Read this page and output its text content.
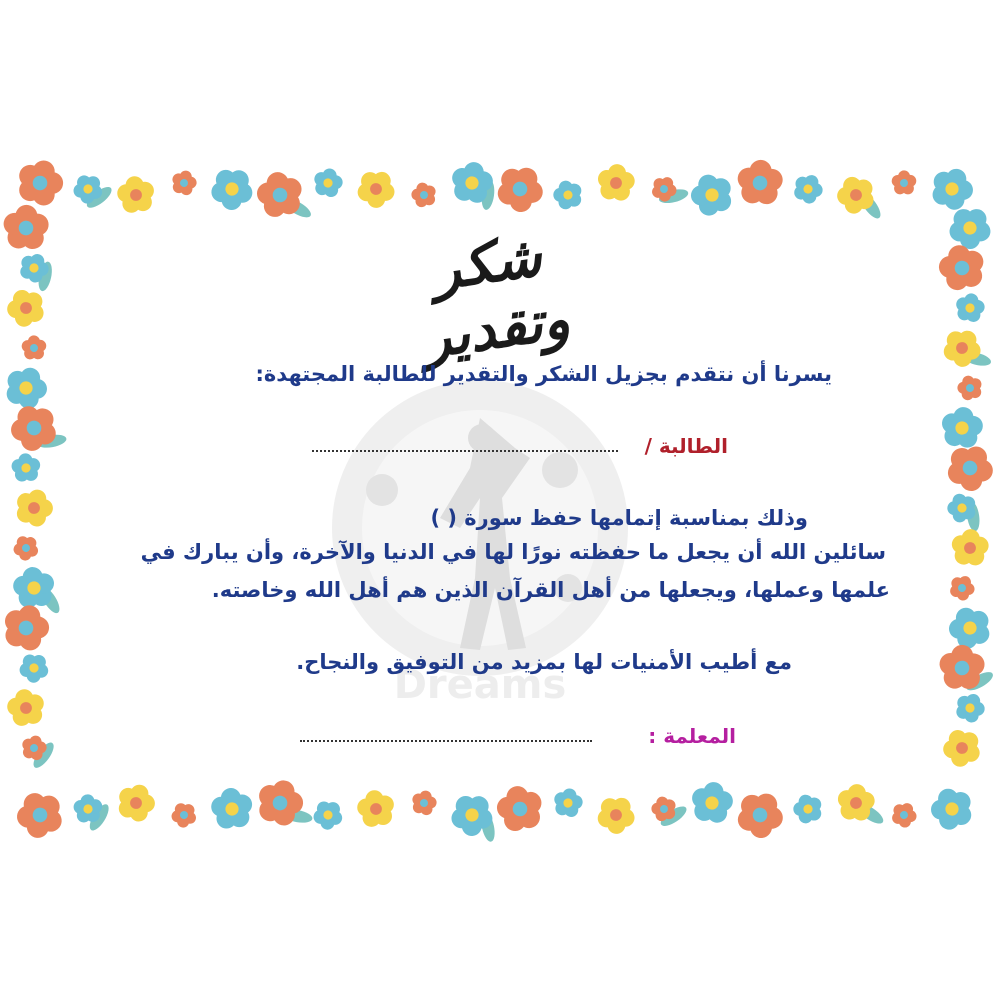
Dreams
شكر وتقدير
يسرنا أن نتقدم بجزيل الشكر والتقدير للطالبة المجتهدة:
الطالبة /
وذلك بمناسبة إتمامها حفظ سورة ( )
سائلين الله أن يجعل ما حفظته نورًا لها في الدنيا والآخرة، وأن يبارك في
علمها وعملها، ويجعلها من أهل القرآن الذين هم أهل الله وخاصته.
مع أطيب الأمنيات لها بمزيد من التوفيق والنجاح.
المعلمة :
